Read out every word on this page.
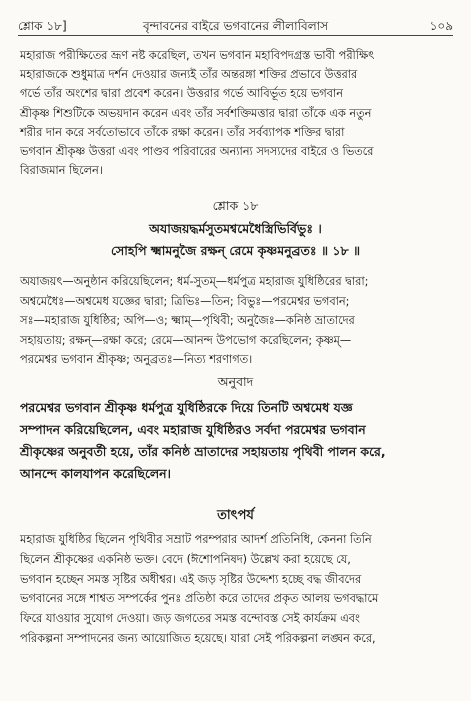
শ্লোক ১৮]	বৃন্দাবনের বাইরে ভগবানের লীলাবিলাস	১০৯
মহারাজ পরীক্ষিতের ভ্রূণ নষ্ট করেছিল, তখন ভগবান মহাবিপদগ্রস্ত ভাবী পরীক্ষিৎ
মহারাজকে শুধুমাত্র দর্শন দেওয়ার জন্যই তাঁর অন্তরঙ্গা শক্তির প্রভাবে উত্তরার
গর্ভে তাঁর অংশের দ্বারা প্রবেশ করেন। উত্তরার গর্ভে আবির্ভূত হয়ে ভগবান
শ্রীকৃষ্ণ শিশুটিকে অভয়দান করেন এবং তাঁর সর্বশক্তিমত্তার দ্বারা তাঁকে এক নতুন
শরীর দান করে সর্বতোভাবে তাঁকে রক্ষা করেন। তাঁর সর্বব্যাপক শক্তির দ্বারা
ভগবান শ্রীকৃষ্ণ উত্তরা এবং পাণ্ডব পরিবারের অন্যান্য সদস্যদের বাইরে ও ভিতরে
বিরাজমান ছিলেন।
শ্লোক ১৮
অযাজয়দ্ধর্মসুতমশ্বমেধৈস্ত্রিভির্বিভুঃ ।
সোহপি ক্ষ্মামনুজৈ রক্ষন্ রেমে কৃষ্ণমনুব্রতঃ ॥ ১৮ ॥
অযাজয়ৎ—অনুষ্ঠান করিয়েছিলেন; ধর্ম-সুতম্—ধর্মপুত্র মহারাজ যুধিষ্ঠিরের দ্বারা;
অশ্বমেধৈঃ—অশ্বমেধ যজ্ঞের দ্বারা; ত্রিভিঃ—তিন; বিভুঃ—পরমেশ্বর ভগবান;
সঃ—মহারাজ যুধিষ্ঠির; অপি—ও; ক্ষ্মাম্—পৃথিবী; অনুজৈঃ—কনিষ্ঠ ভ্রাতাদের
সহায়তায়; রক্ষন্—রক্ষা করে; রেমে—আনন্দ উপভোগ করেছিলেন; কৃষ্ণম্—
পরমেশ্বর ভগবান শ্রীকৃষ্ণ; অনুব্রতঃ—নিত্য শরণাগত।
অনুবাদ
পরমেশ্বর ভগবান শ্রীকৃষ্ণ ধর্মপুত্র যুধিষ্ঠিরকে দিয়ে তিনটি অশ্বমেধ যজ্ঞ
সম্পাদন করিয়েছিলেন, এবং মহারাজ যুধিষ্ঠিরও সর্বদা পরমেশ্বর ভগবান
শ্রীকৃষ্ণের অনুবর্তী হয়ে, তাঁর কনিষ্ঠ ভ্রাতাদের সহায়তায় পৃথিবী পালন করে,
আনন্দে কালযাপন করেছিলেন।
তাৎপর্য
মহারাজ যুধিষ্ঠির ছিলেন পৃথিবীর সম্রাট পরম্পরার আদর্শ প্রতিনিধি, কেননা তিনি
ছিলেন শ্রীকৃষ্ণের একনিষ্ঠ ভক্ত। বেদে (ঈশোপনিষদ) উল্লেখ করা হয়েছে যে,
ভগবান হচ্ছেন সমস্ত সৃষ্টির অধীশ্বর। এই জড় সৃষ্টির উদ্দেশ্য হচ্ছে বদ্ধ জীবদের
ভগবানের সঙ্গে শাশ্বত সম্পর্কের পুনঃ প্রতিষ্ঠা করে তাদের প্রকৃত আলয় ভগবদ্ধামে
ফিরে যাওয়ার সুযোগ দেওয়া। জড় জগতের সমস্ত বন্দোবস্ত সেই কার্যক্রম এবং
পরিকল্পনা সম্পাদনের জন্য আয়োজিত হয়েছে। যারা সেই পরিকল্পনা লঙ্ঘন করে,
